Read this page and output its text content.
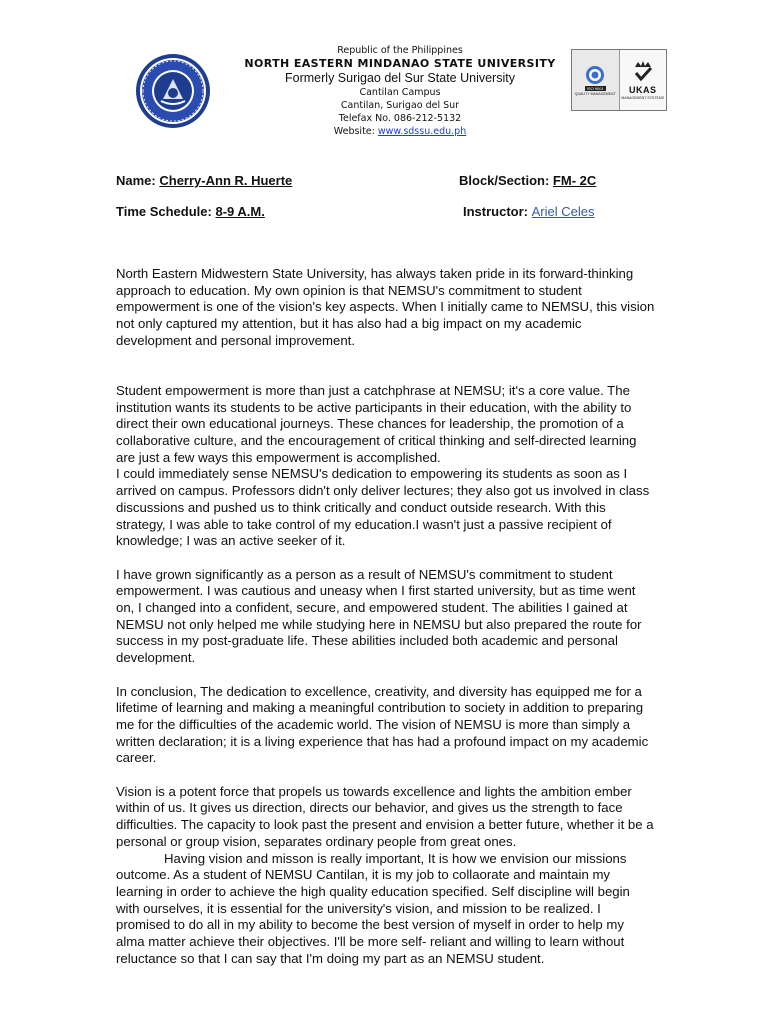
ISO 9001
QUALITY MANAGEMENT UKAS
MANAGEMENT SYSTEMS
Republic of the Philippines
NORTH EASTERN MINDANAO STATE UNIVERSITY
Formerly Surigao del Sur State University
Cantilan Campus
Cantilan, Surigao del Sur
Telefax No. 086-212-5132
Website: www.sdssu.edu.ph
Name: Cherry-Ann R. Huerte	Block/Section: FM- 2C
Time Schedule: 8-9 A.M.	Instructor: Ariel Celes

North Eastern Midwestern State University, has always taken pride in its forward-thinking approach to education. My own opinion is that NEMSU's commitment to student empowerment is one of the vision's key aspects. When I initially came to NEMSU, this vision not only captured my attention, but it has also had a big impact on my academic development and personal improvement.

Student empowerment is more than just a catchphrase at NEMSU; it's a core value. The institution wants its students to be active participants in their education, with the ability to direct their own educational journeys. These chances for leadership, the promotion of a collaborative culture, and the encouragement of critical thinking and self-directed learning are just a few ways this empowerment is accomplished.

I could immediately sense NEMSU's dedication to empowering its students as soon as I arrived on campus. Professors didn't only deliver lectures; they also got us involved in class discussions and pushed us to think critically and conduct outside research. With this strategy, I was able to take control of my education.I wasn't just a passive recipient of knowledge; I was an active seeker of it.

I have grown significantly as a person as a result of NEMSU's commitment to student empowerment. I was cautious and uneasy when I first started university, but as time went on, I changed into a confident, secure, and empowered student. The abilities I gained at NEMSU not only helped me while studying here in NEMSU but also prepared the route for success in my post-graduate life. These abilities included both academic and personal development.

In conclusion, The dedication to excellence, creativity, and diversity has equipped me for a lifetime of learning and making a meaningful contribution to society in addition to preparing me for the difficulties of the academic world. The vision of NEMSU is more than simply a written declaration; it is a living experience that has had a profound impact on my academic career.

Vision is a potent force that propels us towards excellence and lights the ambition ember within of us. It gives us direction, directs our behavior, and gives us the strength to face difficulties. The capacity to look past the present and envision a better future, whether it be a personal or group vision, separates ordinary people from great ones.

Having vision and misson is really important, It is how we envision our missions outcome. As a student of NEMSU Cantilan, it is my job to collaorate and maintain my learning in order to achieve the high quality education specified. Self discipline will begin with ourselves, it is essential for the university's vision, and mission to be realized. I promised to do all in my ability to become the best version of myself in order to help my alma matter achieve their objectives. I'll be more self- reliant and willing to learn without reluctance so that I can say that I'm doing my part as an NEMSU student.
